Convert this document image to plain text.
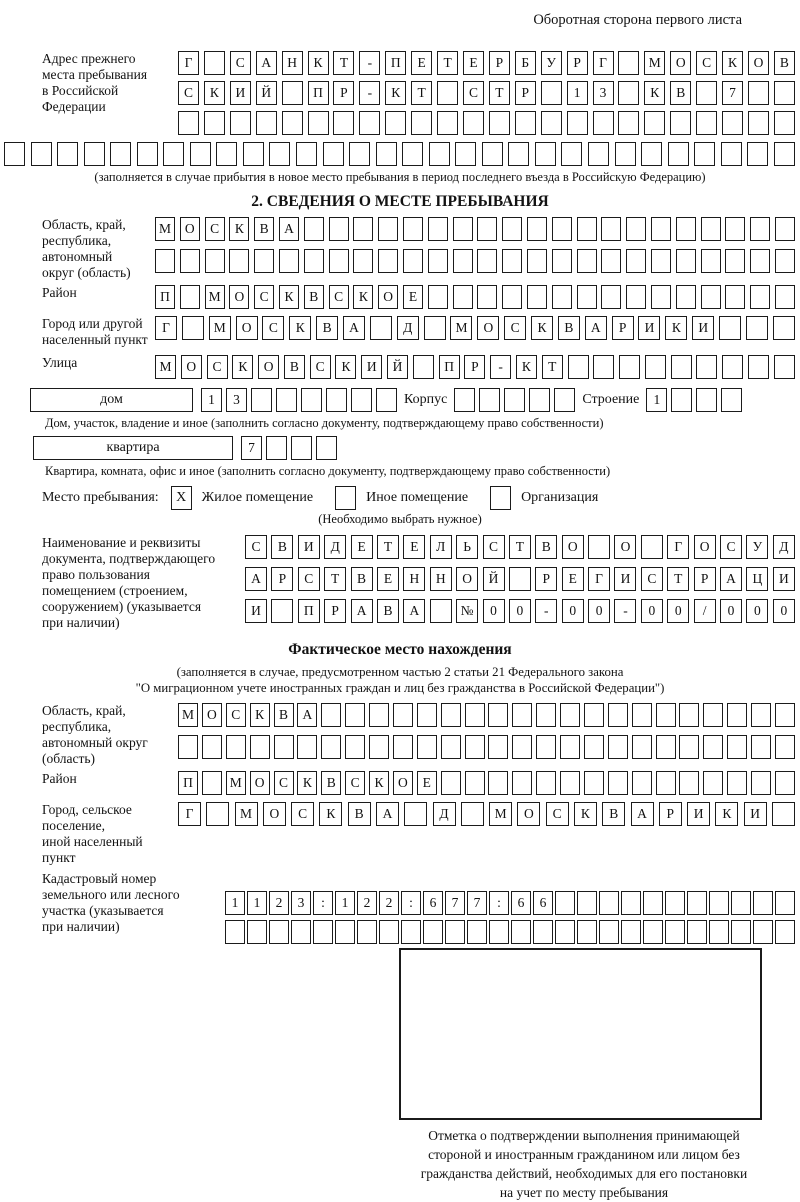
Оборотная сторона первого листа
Адрес прежнего
места пребывания
в Российской
Федерации
Г	С	А	Н	К	Т	-	П	Е	Т	Е	Р	Б	У	Р	Г	М	О	С	К	О	В
С	К	И	Й	П	Р	-	К	Т	С	Т	Р	1	3	К	В	7
(заполняется в случае прибытия в новое место пребывания в период последнего въезда в Российскую Федерацию)
2. СВЕДЕНИЯ О МЕСТЕ ПРЕБЫВАНИЯ
Область, край,
республика,
автономный
округ (область)
М	О	С	К	В	А
Район	П	М	О	С	К	В	С	К	О	Е
Город или другой
населенный пункт
Г	М	О	С	К	В	А	Д	М	О	С	К	В	А	Р	И	К	И
Улица	М	О	С	К	О	В	С	К	И	Й	П	Р	-	К	Т
дом	1	3	Корпус	Строение	1
Дом, участок, владение и иное (заполнить согласно документу, подтверждающему право собственности)
квартира	7
Квартира, комната, офис и иное (заполнить согласно документу, подтверждающему право собственности)
Место пребывания:	X	Жилое помещение	Иное помещение	Организация
(Необходимо выбрать нужное)
Наименование и реквизиты
документа, подтверждающего
право пользования
помещением (строением,
сооружением) (указывается
при наличии)
С	В	И	Д	Е	Т	Е	Л	Ь	С	Т	В	О	О	Г	О	С	У	Д
А	Р	С	Т	В	Е	Н	Н	О	Й	Р	Е	Г	И	С	Т	Р	А	Ц	И
И	П	Р	А	В	А	№	0	0	-	0	0	-	0	0	/	0	0	0
Фактическое место нахождения
(заполняется в случае, предусмотренном частью 2 статьи 21 Федерального закона
"О миграционном учете иностранных граждан и лиц без гражданства в Российской Федерации")
Область, край,
республика,
автономный округ
(область)
М О	С	К	В	А
Район	П	М О	С	К	В	С	К	О	Е
Город, сельское поселение,
иной населенный пункт
Г	М	О	С	К	В	А	Д	М	О	С	К	В	А	Р	И	К	И
Кадастровый номер
земельного или лесного
участка (указывается
при наличии)
1	1	2	3	:	1	2	2	:	6	7	7	:	6	6
Отметка о подтверждении выполнения принимающей
стороной и иностранным гражданином или лицом без
гражданства действий, необходимых для его постановки
на учет по месту пребывания
